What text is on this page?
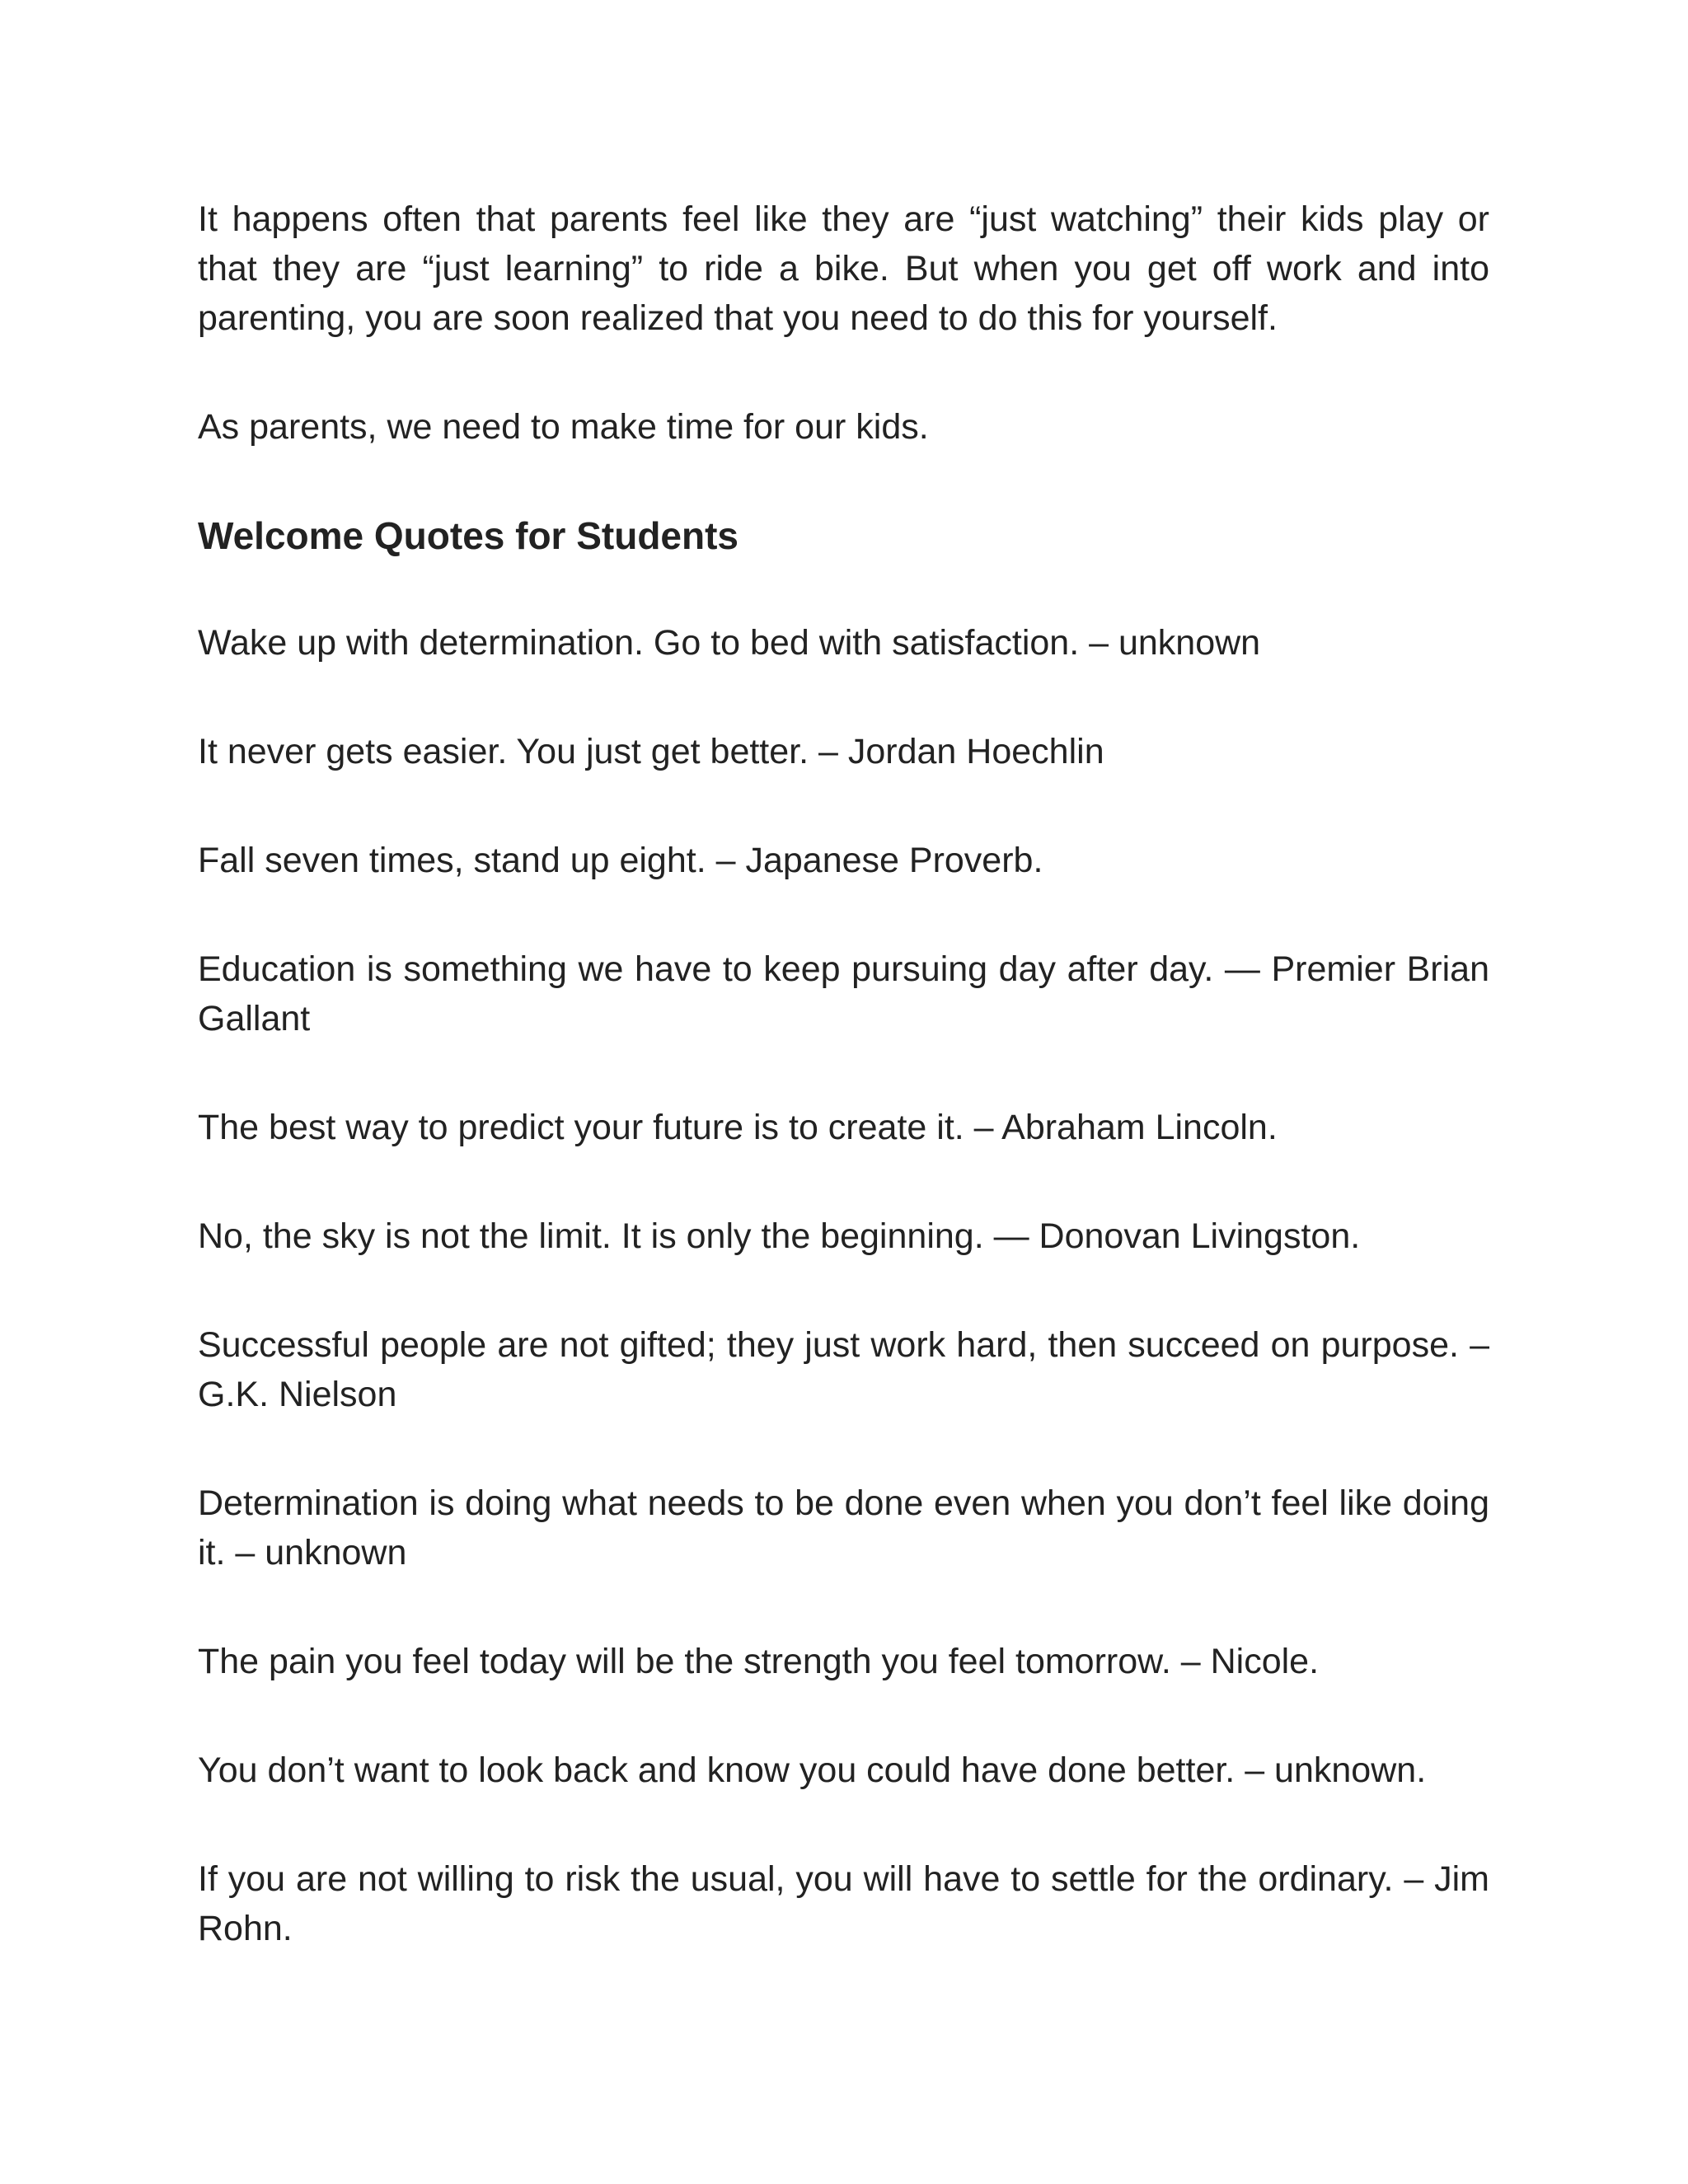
It happens often that parents feel like they are “just watching” their kids play or that they are “just learning” to ride a bike. But when you get off work and into parenting, you are soon realized that you need to do this for yourself.

As parents, we need to make time for our kids.

Welcome Quotes for Students

Wake up with determination. Go to bed with satisfaction. – unknown

It never gets easier. You just get better. – Jordan Hoechlin

Fall seven times, stand up eight. – Japanese Proverb.

Education is something we have to keep pursuing day after day. — Premier Brian Gallant

The best way to predict your future is to create it. – Abraham Lincoln.

No, the sky is not the limit. It is only the beginning. — Donovan Livingston.

Successful people are not gifted; they just work hard, then succeed on purpose. – G.K. Nielson

Determination is doing what needs to be done even when you don’t feel like doing it. – unknown

The pain you feel today will be the strength you feel tomorrow. – Nicole.

You don’t want to look back and know you could have done better. – unknown.

If you are not willing to risk the usual, you will have to settle for the ordinary. – Jim Rohn.
